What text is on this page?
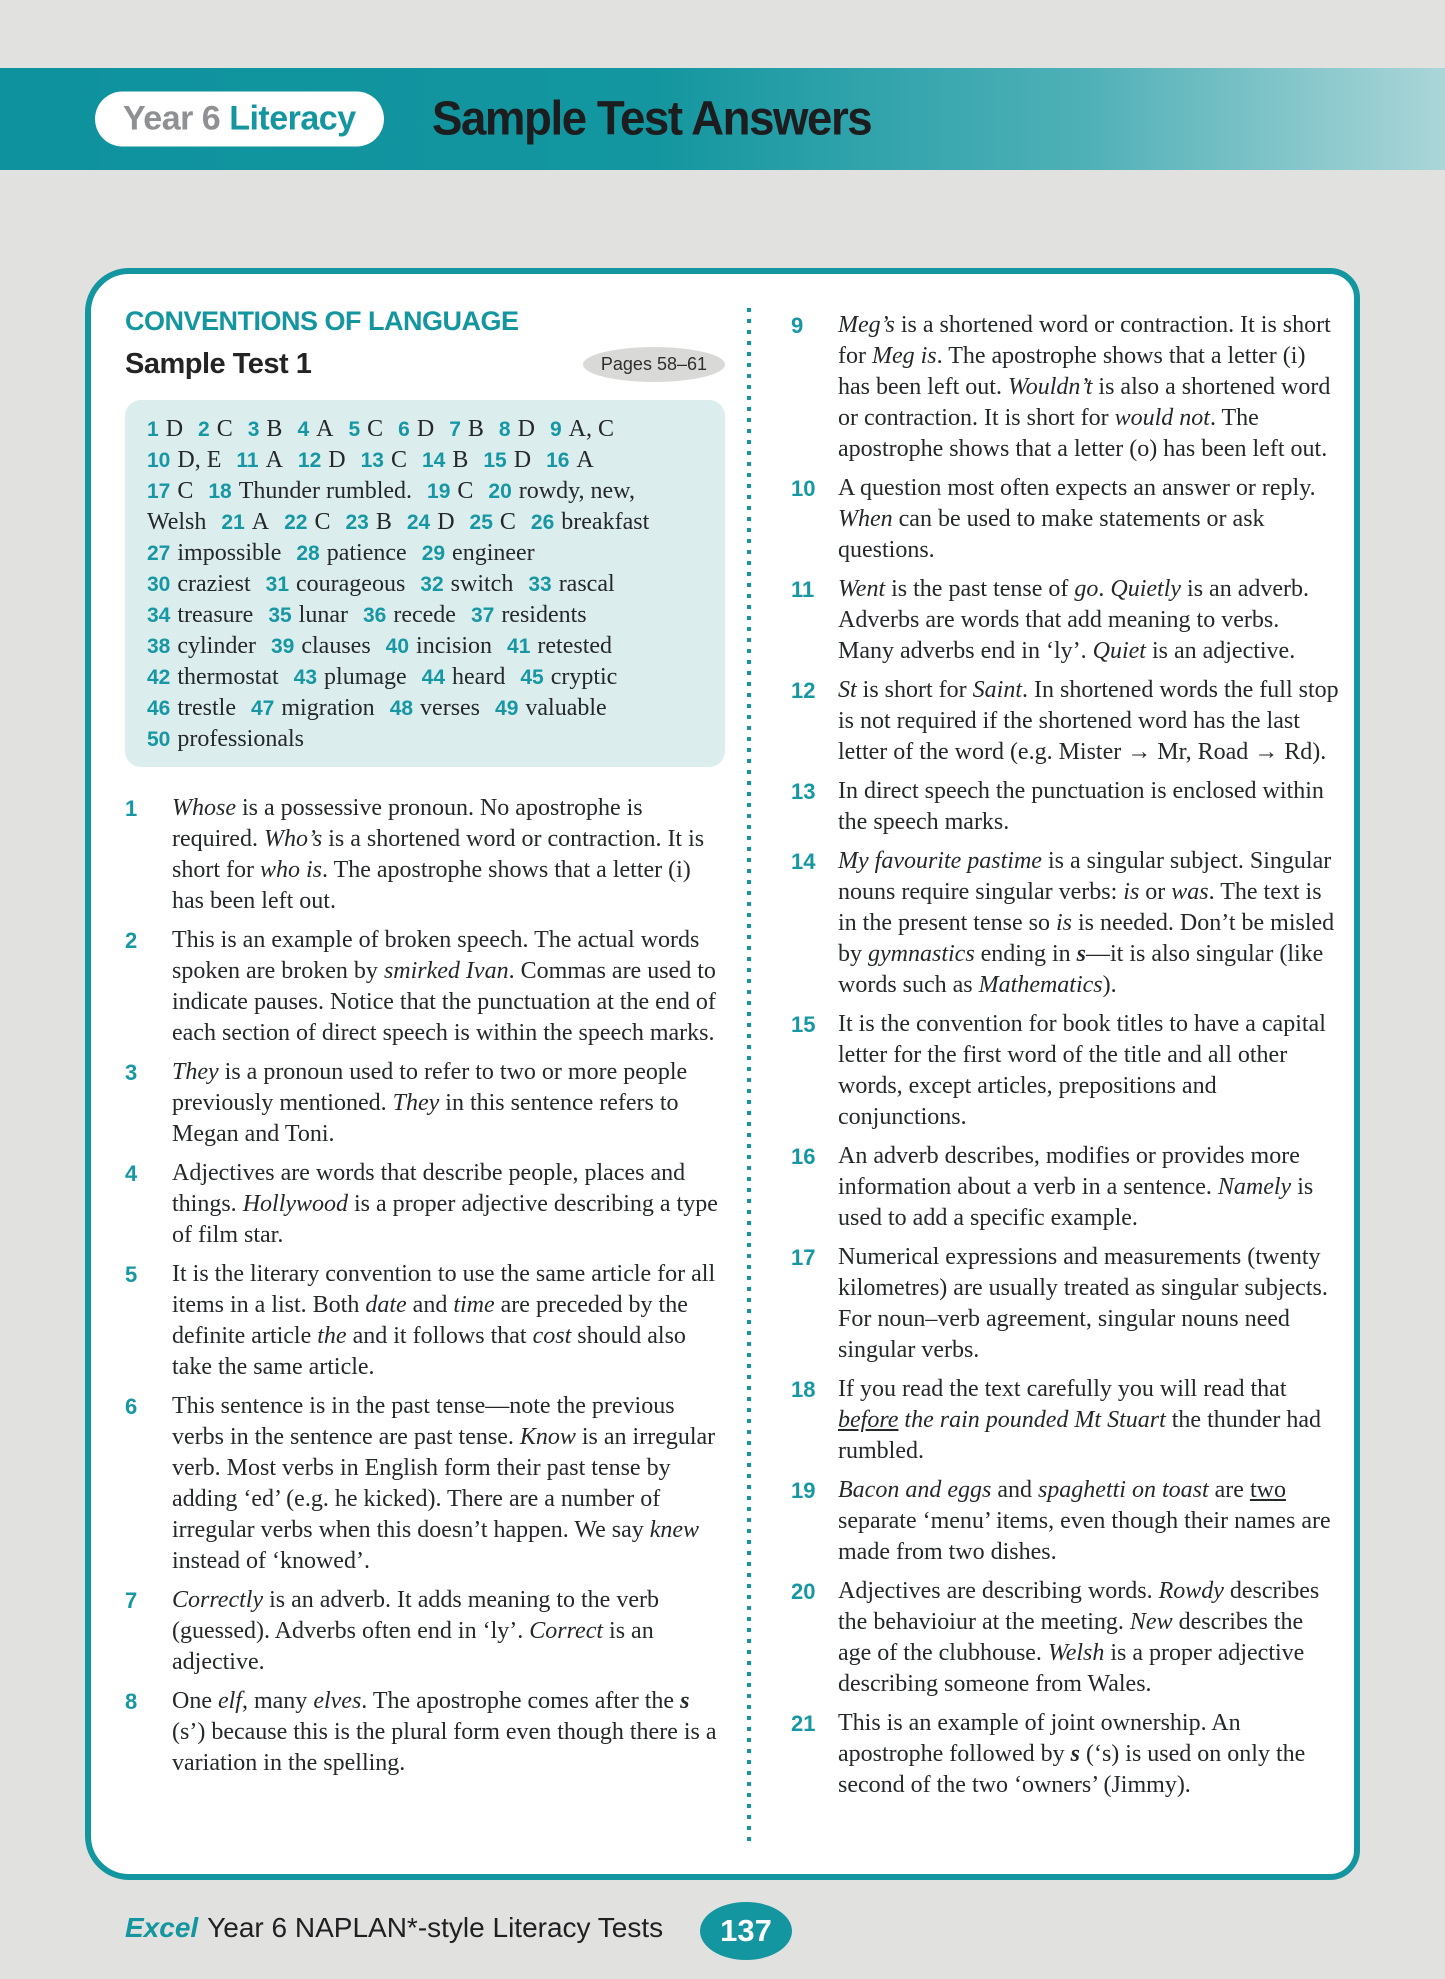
Year 6 Literacy	Sample Test Answers
CONVENTIONS OF LANGUAGE
Sample Test 1	Pages 58–61
1 D 2 C 3 B 4 A 5 C 6 D 7 B 8 D 9 A, C
10 D, E 11 A 12 D 13 C 14 B 15 D 16 A
17 C 18 Thunder rumbled. 19 C 20 rowdy, new,
Welsh 21 A 22 C 23 B 24 D 25 C 26 breakfast
27 impossible 28 patience 29 engineer
30 craziest 31 courageous 32 switch 33 rascal
34 treasure 35 lunar 36 recede 37 residents
38 cylinder 39 clauses 40 incision 41 retested
42 thermostat 43 plumage 44 heard 45 cryptic
46 trestle 47 migration 48 verses 49 valuable
50 professionals
1	Whose is a possessive pronoun. No apostrophe is required. Who’s is a shortened word or contraction. It is short for who is. The apostrophe shows that a letter (i) has been left out.
2	This is an example of broken speech. The actual words spoken are broken by smirked Ivan. Commas are used to indicate pauses. Notice that the punctuation at the end of each section of direct speech is within the speech marks.
3	They is a pronoun used to refer to two or more people previously mentioned. They in this sentence refers to Megan and Toni.
4	Adjectives are words that describe people, places and things. Hollywood is a proper adjective describing a type of film star.
5	It is the literary convention to use the same article for all items in a list. Both date and time are preceded by the definite article the and it follows that cost should also take the same article.
6	This sentence is in the past tense—note the previous verbs in the sentence are past tense. Know is an irregular verb. Most verbs in English form their past tense by adding ‘ed’ (e.g. he kicked). There are a number of irregular verbs when this doesn’t happen. We say knew instead of ‘knowed’.
7	Correctly is an adverb. It adds meaning to the verb (guessed). Adverbs often end in ‘ly’. Correct is an adjective.
8	One elf, many elves. The apostrophe comes after the s (s’) because this is the plural form even though there is a variation in the spelling.
9	Meg’s is a shortened word or contraction. It is short for Meg is. The apostrophe shows that a letter (i) has been left out. Wouldn’t is also a shortened word or contraction. It is short for would not. The apostrophe shows that a letter (o) has been left out.
10 A question most often expects an answer or reply. When can be used to make statements or ask questions.
11 Went is the past tense of go. Quietly is an adverb. Adverbs are words that add meaning to verbs. Many adverbs end in ‘ly’. Quiet is an adjective.
12 St is short for Saint. In shortened words the full stop is not required if the shortened word has the last letter of the word (e.g. Mister → Mr, Road → Rd).
13 In direct speech the punctuation is enclosed within the speech marks.
14 My favourite pastime is a singular subject. Singular nouns require singular verbs: is or was. The text is in the present tense so is is needed. Don’t be misled by gymnastics ending in s—it is also singular (like words such as Mathematics).
15 It is the convention for book titles to have a capital letter for the first word of the title and all other words, except articles, prepositions and conjunctions.
16 An adverb describes, modifies or provides more information about a verb in a sentence. Namely is used to add a specific example.
17 Numerical expressions and measurements (twenty kilometres) are usually treated as singular subjects. For noun–verb agreement, singular nouns need singular verbs.
18 If you read the text carefully you will read that before the rain pounded Mt Stuart the thunder had rumbled.
19 Bacon and eggs and spaghetti on toast are two separate ‘menu’ items, even though their names are made from two dishes.
20 Adjectives are describing words. Rowdy describes the behavioiur at the meeting. New describes the age of the clubhouse. Welsh is a proper adjective describing someone from Wales.
21 This is an example of joint ownership. An apostrophe followed by s (‘s) is used on only the second of the two ‘owners’ (Jimmy).
Excel Year 6 NAPLAN*-style Literacy Tests	137
